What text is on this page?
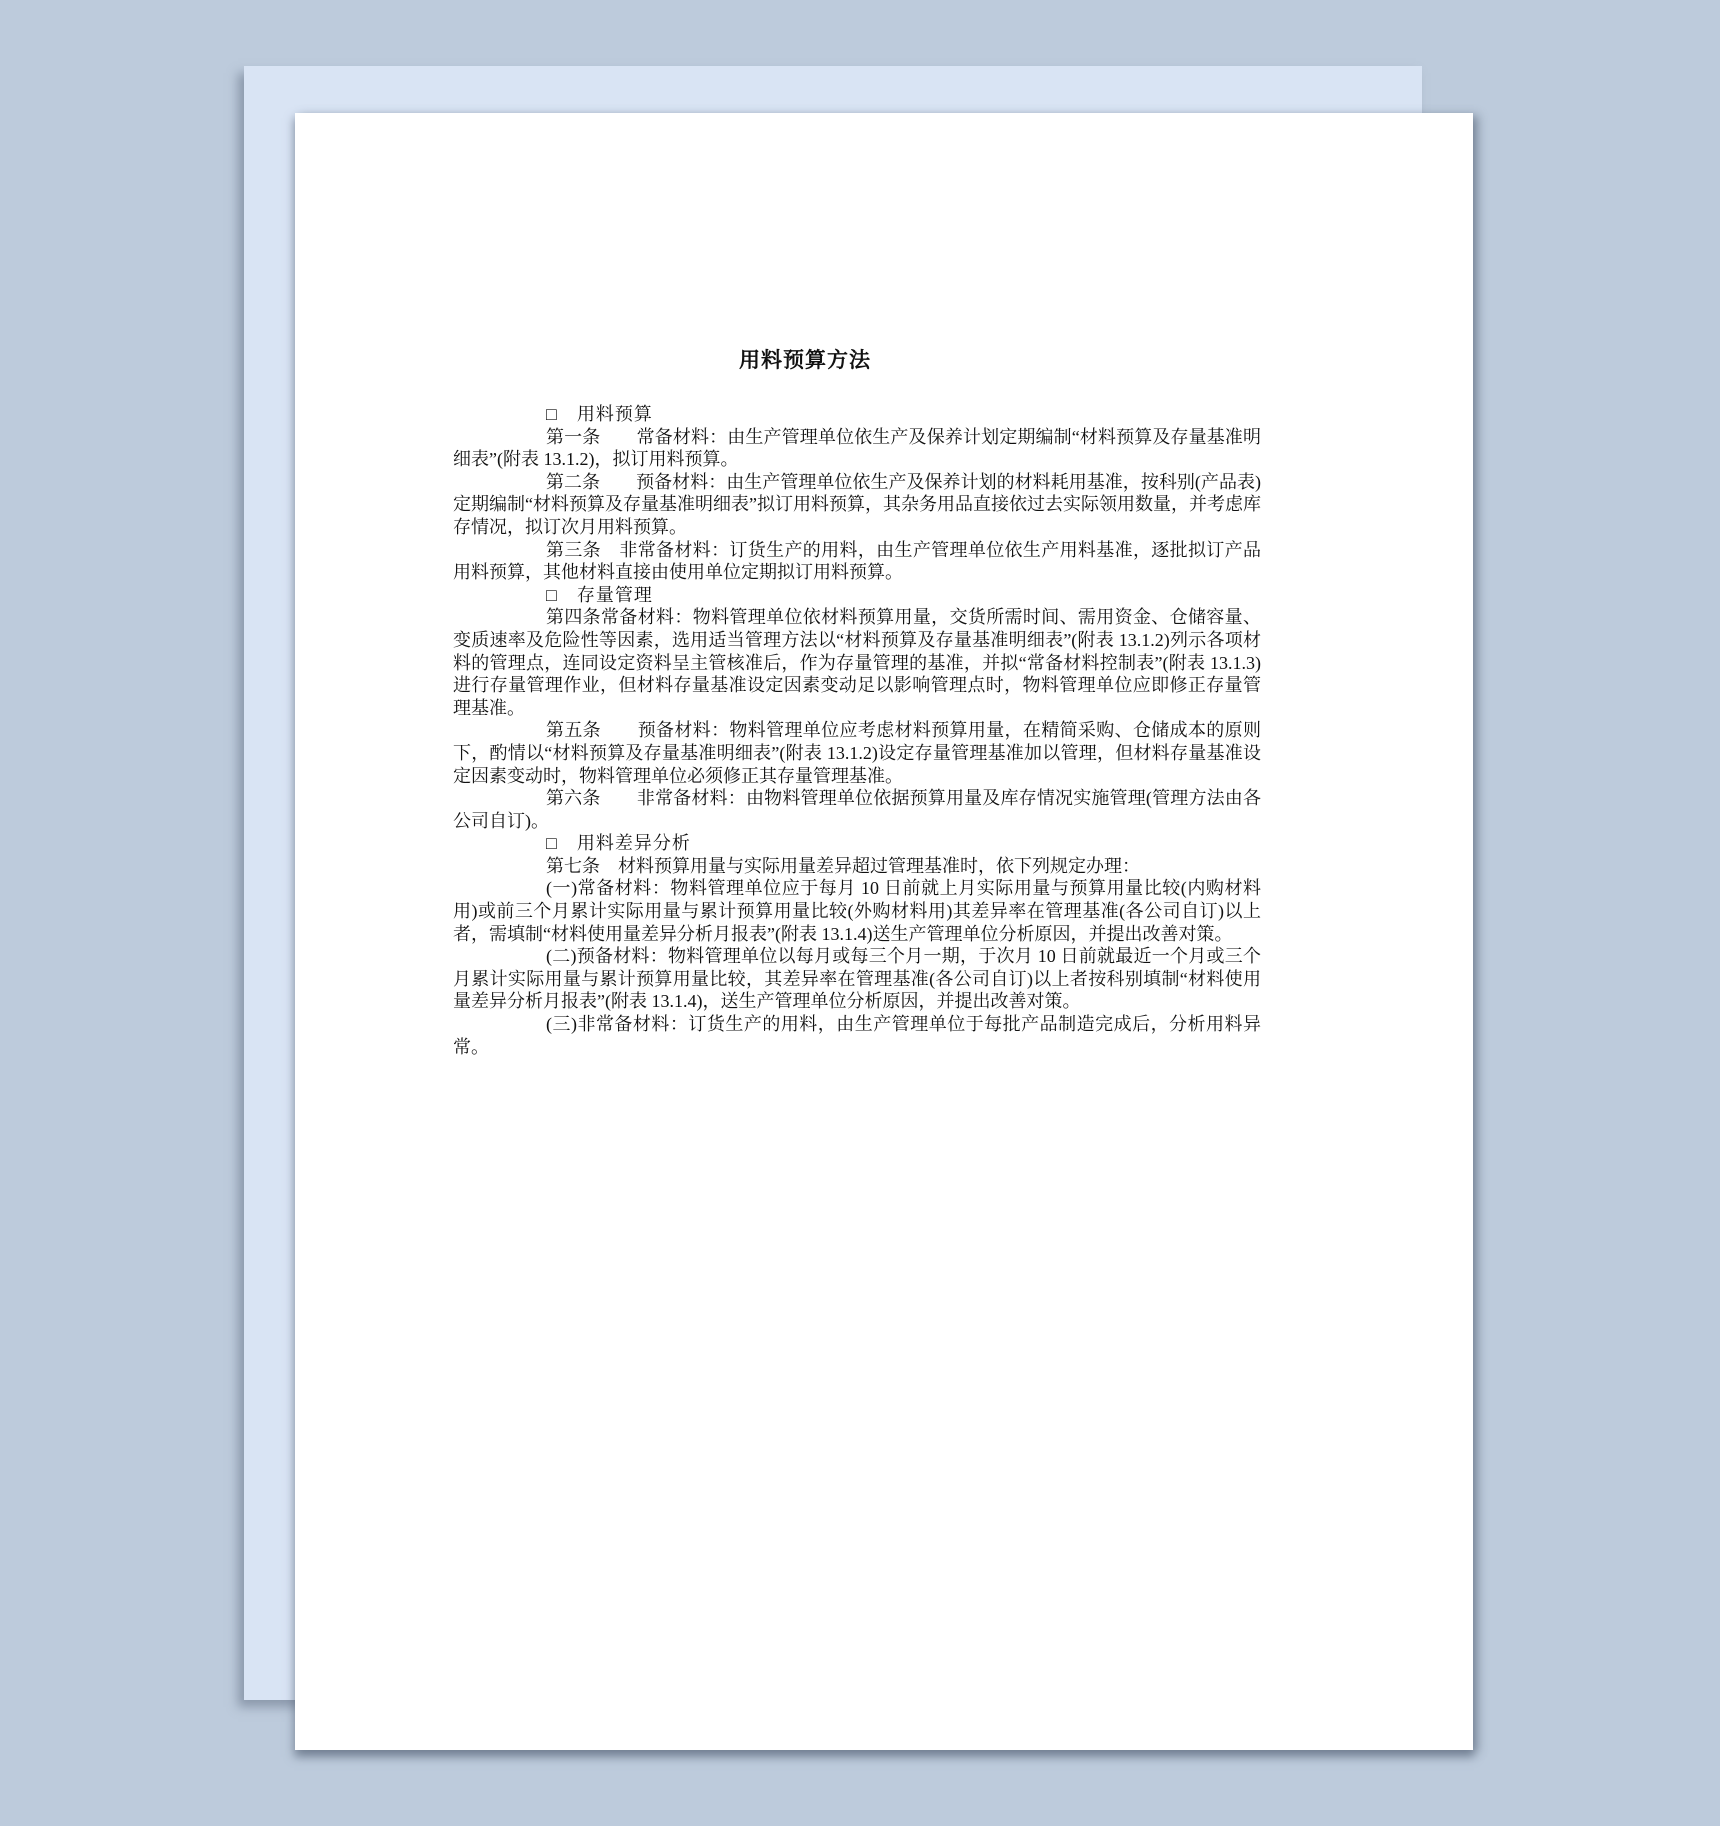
用料预算方法

□　用料预算

第一条　　常备材料：由生产管理单位依生产及保养计划定期编制“材料预算及存量基准明细表”(附表 13.1.2)，拟订用料预算。

第二条　　预备材料：由生产管理单位依生产及保养计划的材料耗用基准，按科别(产品表)定期编制“材料预算及存量基准明细表”拟订用料预算，其杂务用品直接依过去实际领用数量，并考虑库存情况，拟订次月用料预算。

第三条　非常备材料：订货生产的用料，由生产管理单位依生产用料基准，逐批拟订产品用料预算，其他材料直接由使用单位定期拟订用料预算。

□　存量管理

第四条常备材料：物料管理单位依材料预算用量，交货所需时间、需用资金、仓储容量、变质速率及危险性等因素，选用适当管理方法以“材料预算及存量基准明细表”(附表 13.1.2)列示各项材料的管理点，连同设定资料呈主管核准后，作为存量管理的基准，并拟“常备材料控制表”(附表 13.1.3)进行存量管理作业，但材料存量基准设定因素变动足以影响管理点时，物料管理单位应即修正存量管理基准。

第五条　　预备材料：物料管理单位应考虑材料预算用量，在精简采购、仓储成本的原则下，酌情以“材料预算及存量基准明细表”(附表 13.1.2)设定存量管理基准加以管理，但材料存量基准设定因素变动时，物料管理单位必须修正其存量管理基准。

第六条　　非常备材料：由物料管理单位依据预算用量及库存情况实施管理(管理方法由各公司自订)。

□　用料差异分析

第七条　材料预算用量与实际用量差异超过管理基准时，依下列规定办理：

(一)常备材料：物料管理单位应于每月 10 日前就上月实际用量与预算用量比较(内购材料用)或前三个月累计实际用量与累计预算用量比较(外购材料用)其差异率在管理基准(各公司自订)以上者，需填制“材料使用量差异分析月报表”(附表 13.1.4)送生产管理单位分析原因，并提出改善对策。

(二)预备材料：物料管理单位以每月或每三个月一期，于次月 10 日前就最近一个月或三个月累计实际用量与累计预算用量比较，其差异率在管理基准(各公司自订)以上者按科别填制“材料使用量差异分析月报表”(附表 13.1.4)，送生产管理单位分析原因，并提出改善对策。

(三)非常备材料：订货生产的用料，由生产管理单位于每批产品制造完成后，分析用料异常。
